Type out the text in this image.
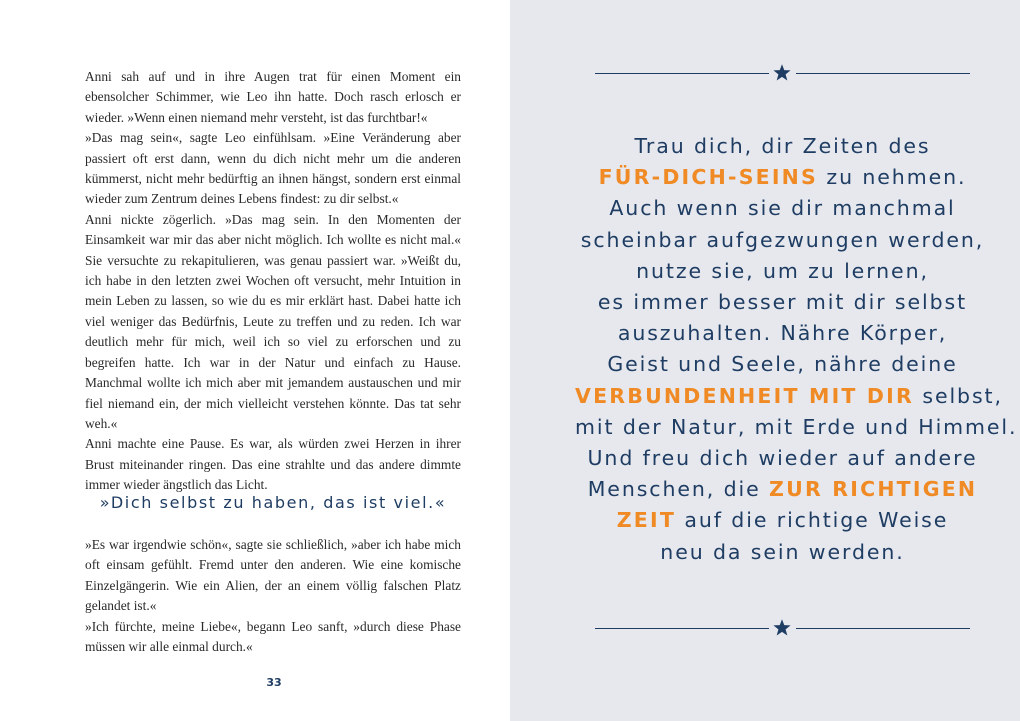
Anni sah auf und in ihre Augen trat für einen Moment ein ebensolcher Schimmer, wie Leo ihn hatte. Doch rasch erlosch er wieder. »Wenn einen niemand mehr versteht, ist das furchtbar!«

»Das mag sein«, sagte Leo einfühlsam. »Eine Veränderung aber passiert oft erst dann, wenn du dich nicht mehr um die anderen kümmerst, nicht mehr bedürftig an ihnen hängst, sondern erst einmal wieder zum Zentrum deines Lebens findest: zu dir selbst.«

Anni nickte zögerlich. »Das mag sein. In den Momenten der Einsamkeit war mir das aber nicht möglich. Ich wollte es nicht mal.« Sie versuchte zu rekapitulieren, was genau passiert war. »Weißt du, ich habe in den letzten zwei Wochen oft versucht, mehr Intuition in mein Leben zu lassen, so wie du es mir erklärt hast. Dabei hatte ich viel weniger das Bedürfnis, Leute zu treffen und zu reden. Ich war deutlich mehr für mich, weil ich so viel zu erforschen und zu begreifen hatte. Ich war in der Natur und einfach zu Hause. Manchmal wollte ich mich aber mit jemandem austauschen und mir fiel niemand ein, der mich vielleicht verstehen könnte. Das tat sehr weh.«

Anni machte eine Pause. Es war, als würden zwei Herzen in ihrer Brust miteinander ringen. Das eine strahlte und das andere dimmte immer wieder ängstlich das Licht.

»Dich selbst zu haben, das ist viel.«

»Es war irgendwie schön«, sagte sie schließlich, »aber ich habe mich oft einsam gefühlt. Fremd unter den anderen. Wie eine komische Einzelgängerin. Wie ein Alien, der an einem völlig falschen Platz gelandet ist.«

»Ich fürchte, meine Liebe«, begann Leo sanft, »durch diese Phase müssen wir alle einmal durch.«

33
Trau dich, dir Zeiten des
FÜR-DICH-SEINS zu nehmen.
Auch wenn sie dir manchmal
scheinbar aufgezwungen werden,
nutze sie, um zu lernen,
es immer besser mit dir selbst
auszuhalten. Nähre Körper,
Geist und Seele, nähre deine
VERBUNDENHEIT MIT DIR selbst,
mit der Natur, mit Erde und Himmel.
Und freu dich wieder auf andere
Menschen, die ZUR RICHTIGEN
ZEIT auf die richtige Weise
neu da sein werden.
